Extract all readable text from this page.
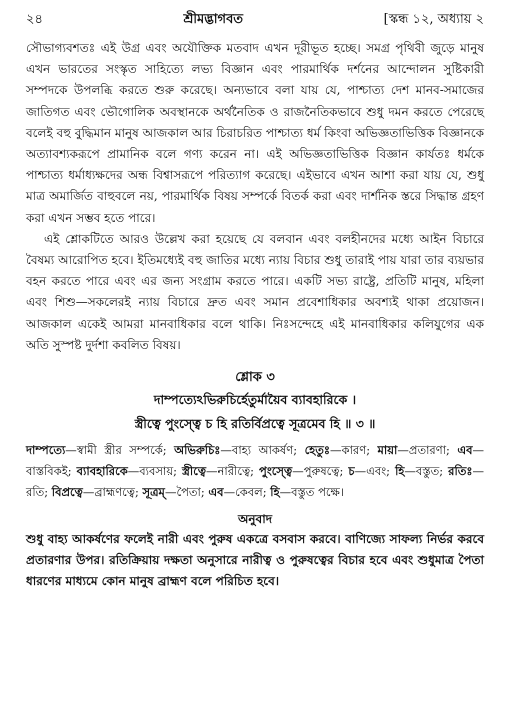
২৪	শ্রীমদ্ভাগবত	[স্কন্ধ ১২, অধ্যায় ২

সৌভাগ্যবশতঃ এই উগ্র এবং অযৌক্তিক মতবাদ এখন দূরীভূত হচ্ছে। সমগ্র পৃথিবী জুড়ে মানুষ এখন ভারতের সংস্কৃত সাহিত্যে লভ্য বিজ্ঞান এবং পারমার্থিক দর্শনের আন্দোলন সুষ্টিকারী সম্পদকে উপলব্ধি করতে শুরু করেছে। অন্যভাবে বলা যায় যে, পাশ্চাত্য দেশ মানব-সমাজের জাতিগত এবং ভৌগোলিক অবস্থানকে অর্থনৈতিক ও রাজনৈতিকভাবে শুধু দমন করতে পেরেছে বলেই বহু বুদ্ধিমান মানুষ আজকাল আর চিরাচরিত পাশ্চাত্য ধর্ম কিংবা অভিজ্ঞতাভিত্তিক বিজ্ঞানকে অত্যাবশ্যকরূপে প্রামানিক বলে গণ্য করেন না। এই অভিজ্ঞতাভিত্তিক বিজ্ঞান কার্যতঃ ধর্মকে পাশ্চাত্য ধর্মাধ্যক্ষদের অন্ধ বিশ্বাসরূপে পরিত্যাগ করেছে। এইভাবে এখন আশা করা যায় যে, শুধু মাত্র অমার্জিত বাহুবলে নয়, পারমার্থিক বিষয় সম্পর্কে বিতর্ক করা এবং দার্শনিক স্তরে সিদ্ধান্ত গ্রহণ করা এখন সম্ভব হতে পারে।

এই শ্লোকটিতে আরও উল্লেখ করা হয়েছে যে বলবান এবং বলহীনদের মধ্যে আইন বিচারে বৈষম্য আরোপিত হবে। ইতিমধ্যেই বহু জাতির মধ্যে ন্যায় বিচার শুধু তারাই পায় যারা তার ব্যয়ভার বহন করতে পারে এবং এর জন্য সংগ্রাম করতে পারে। একটি সভ্য রাষ্ট্রে, প্রতিটি মানুষ, মহিলা এবং শিশু—সকলেরই ন্যায় বিচারে দ্রুত এবং সমান প্রবেশাধিকার অবশ্যই থাকা প্রয়োজন। আজকাল একেই আমরা মানবাধিকার বলে থাকি। নিঃসন্দেহে এই মানবাধিকার কলিযুগের এক অতি সুস্পষ্ট দুর্দশা কবলিত বিষয়।

শ্লোক ৩
দাম্পত্যেঽভিরুচির্হেতুর্মায়ৈব ব্যাবহারিকে ।
স্ত্রীত্বে পুংস্ত্বে চ হি রতির্বিপ্রত্বে সূত্রমেব হি ॥ ৩ ॥
দাম্পত্যে—স্বামী স্ত্রীর সম্পর্কে; অভিরুচিঃ—বাহ্য আকর্ষণ; হেতুঃ—কারণ; মায়া—প্রতারণা; এব—বাস্তবিকই; ব্যাবহারিকে—ব্যবসায়; স্ত্রীত্বে—নারীত্বে; পুংস্ত্বে—পুরুষত্বে; চ—এবং; হি—বস্তুত; রতিঃ—রতি; বিপ্রত্বে—ব্রাহ্মণত্বে; সূত্রম্—পৈতা; এব—কেবল; হি—বস্তুত পক্ষে।
অনুবাদ
শুধু বাহ্য আকর্ষণের ফলেই নারী এবং পুরুষ একত্রে বসবাস করবে। বাণিজ্যে সাফল্য নির্ভর করবে প্রতারণার উপর। রতিক্রিয়ায় দক্ষতা অনুসারে নারীত্ব ও পুরুষত্বের বিচার হবে এবং শুধুমাত্র পৈতা ধারণের মাধ্যমে কোন মানুষ ব্রাহ্মণ বলে পরিচিত হবে।
